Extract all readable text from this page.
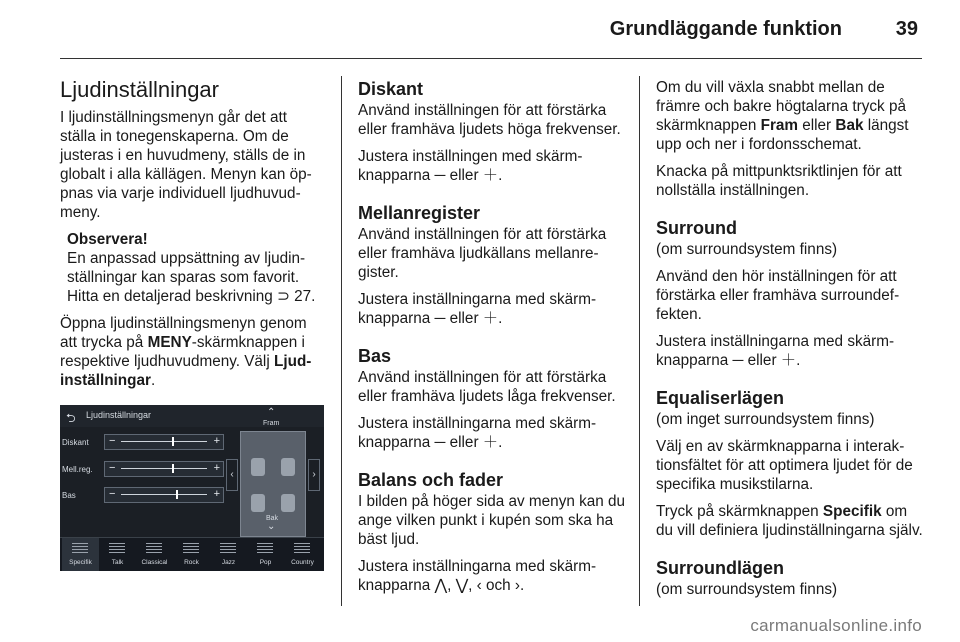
Grundläggande funktion	39
Ljudinställningar

I ljudinställningsmenyn går det att ställa in tonegenskaperna. Om de justeras i en huvudmeny, ställs de in globalt i alla källägen. Menyn kan öppnas via varje individuell ljudhuvudmeny.

Observera!
En anpassad uppsättning av ljudinställningar kan sparas som favorit. Hitta en detaljerad beskrivning ⊃ 27.

Öppna ljudinställningsmenyn genom att trycka på MENY-skärmknappen i respektive ljudhuvudmeny. Välj Ljudinställningar.

⮌ Ljudinställningar
Diskant −	+
Mell.reg. −	+
Bas	−	+
‹	›
⌃
Fram
Bak
⌄
Specifik	Talk	Classical	Rock	Jazz	Pop	Country
Diskant

Använd inställningen för att förstärka eller framhäva ljudets höga frekvenser.

Justera inställningen med skärmknapparna ─ eller ＋.

Mellanregister

Använd inställningen för att förstärka eller framhäva ljudkällans mellanregister.

Justera inställningarna med skärmknapparna ─ eller ＋.

Bas

Använd inställningen för att förstärka eller framhäva ljudets låga frekvenser.

Justera inställningarna med skärmknapparna ─ eller ＋.

Balans och fader

I bilden på höger sida av menyn kan du ange vilken punkt i kupén som ska ha bäst ljud.

Justera inställningarna med skärmknapparna ⋀, ⋁, ‹ och ›.

Om du vill växla snabbt mellan de främre och bakre högtalarna tryck på skärmknappen Fram eller Bak längst upp och ner i fordonsschemat.

Knacka på mittpunktsriktlinjen för att nollställa inställningen.

Surround

(om surroundsystem finns)

Använd den hör inställningen för att förstärka eller framhäva surroundeffekten.

Justera inställningarna med skärmknapparna ─ eller ＋.

Equaliserlägen

(om inget surroundsystem finns)

Välj en av skärmknapparna i interaktionsfältet för att optimera ljudet för de specifika musikstilarna.

Tryck på skärmknappen Specifik om du vill definiera ljudinställningarna själv.

Surroundlägen

(om surroundsystem finns)

carmanualsonline.info
